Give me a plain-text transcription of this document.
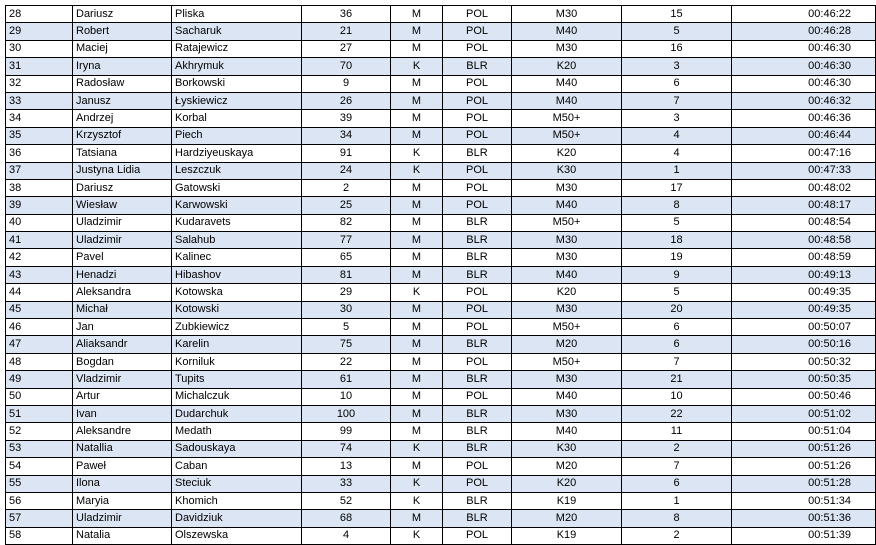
28	Dariusz	Pliska	36	M	POL	M30	15	00:46:22
29	Robert	Sacharuk	21	M	POL	M40	5	00:46:28
30	Maciej	Ratajewicz	27	M	POL	M30	16	00:46:30
31	Iryna	Akhrymuk	70	K	BLR	K20	3	00:46:30
32	Radosław	Borkowski	9	M	POL	M40	6	00:46:30
33	Janusz	Łyskiewicz	26	M	POL	M40	7	00:46:32
34	Andrzej	Korbal	39	M	POL	M50+	3	00:46:36
35	Krzysztof	Piech	34	M	POL	M50+	4	00:46:44
36	Tatsiana	Hardziyeuskaya	91	K	BLR	K20	4	00:47:16
37	Justyna Lidia	Leszczuk	24	K	POL	K30	1	00:47:33
38	Dariusz	Gatowski	2	M	POL	M30	17	00:48:02
39	Wiesław	Karwowski	25	M	POL	M40	8	00:48:17
40	Uladzimir	Kudaravets	82	M	BLR	M50+	5	00:48:54
41	Uladzimir	Salahub	77	M	BLR	M30	18	00:48:58
42	Pavel	Kalinec	65	M	BLR	M30	19	00:48:59
43	Henadzi	Hibashov	81	M	BLR	M40	9	00:49:13
44	Aleksandra	Kotowska	29	K	POL	K20	5	00:49:35
45	Michał	Kotowski	30	M	POL	M30	20	00:49:35
46	Jan	Zubkiewicz	5	M	POL	M50+	6	00:50:07
47	Aliaksandr	Karelin	75	M	BLR	M20	6	00:50:16
48	Bogdan	Korniluk	22	M	POL	M50+	7	00:50:32
49	Vladzimir	Tupits	61	M	BLR	M30	21	00:50:35
50	Artur	Michalczuk	10	M	POL	M40	10	00:50:46
51	Ivan	Dudarchuk	100	M	BLR	M30	22	00:51:02
52	Aleksandre	Medath	99	M	BLR	M40	11	00:51:04
53	Natallia	Sadouskaya	74	K	BLR	K30	2	00:51:26
54	Paweł	Caban	13	M	POL	M20	7	00:51:26
55	Ilona	Steciuk	33	K	POL	K20	6	00:51:28
56	Maryia	Khomich	52	K	BLR	K19	1	00:51:34
57	Uladzimir	Davidziuk	68	M	BLR	M20	8	00:51:36
58	Natalia	Olszewska	4	K	POL	K19	2	00:51:39
